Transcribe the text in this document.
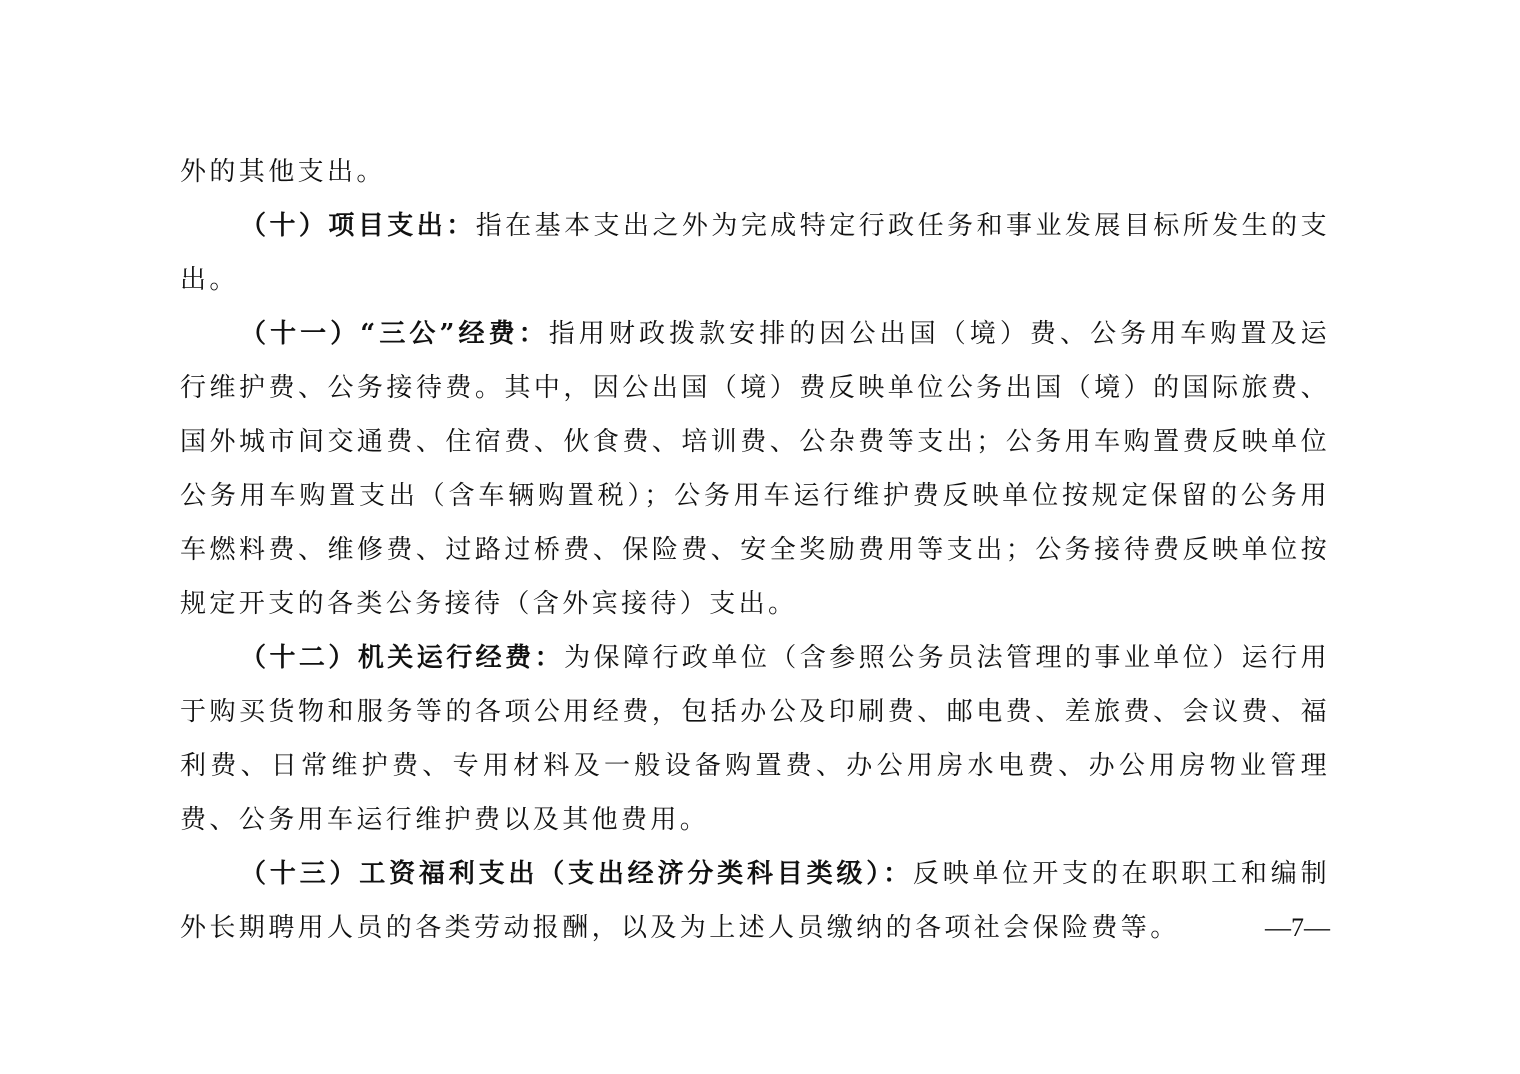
外的其他支出。

（十）项目支出：指在基本支出之外为完成特定行政任务和事业发展目标所发生的支出。

（十一）“三公”经费：指用财政拨款安排的因公出国（境）费、公务用车购置及运行维护费、公务接待费。其中，因公出国（境）费反映单位公务出国（境）的国际旅费、国外城市间交通费、住宿费、伙食费、培训费、公杂费等支出；公务用车购置费反映单位公务用车购置支出（含车辆购置税）；公务用车运行维护费反映单位按规定保留的公务用车燃料费、维修费、过路过桥费、保险费、安全奖励费用等支出；公务接待费反映单位按规定开支的各类公务接待（含外宾接待）支出。

（十二）机关运行经费：为保障行政单位（含参照公务员法管理的事业单位）运行用于购买货物和服务等的各项公用经费，包括办公及印刷费、邮电费、差旅费、会议费、福利费、日常维护费、专用材料及一般设备购置费、办公用房水电费、办公用房物业管理费、公务用车运行维护费以及其他费用。

（十三）工资福利支出（支出经济分类科目类级）：反映单位开支的在职职工和编制外长期聘用人员的各类劳动报酬，以及为上述人员缴纳的各项社会保险费等。	—7—
